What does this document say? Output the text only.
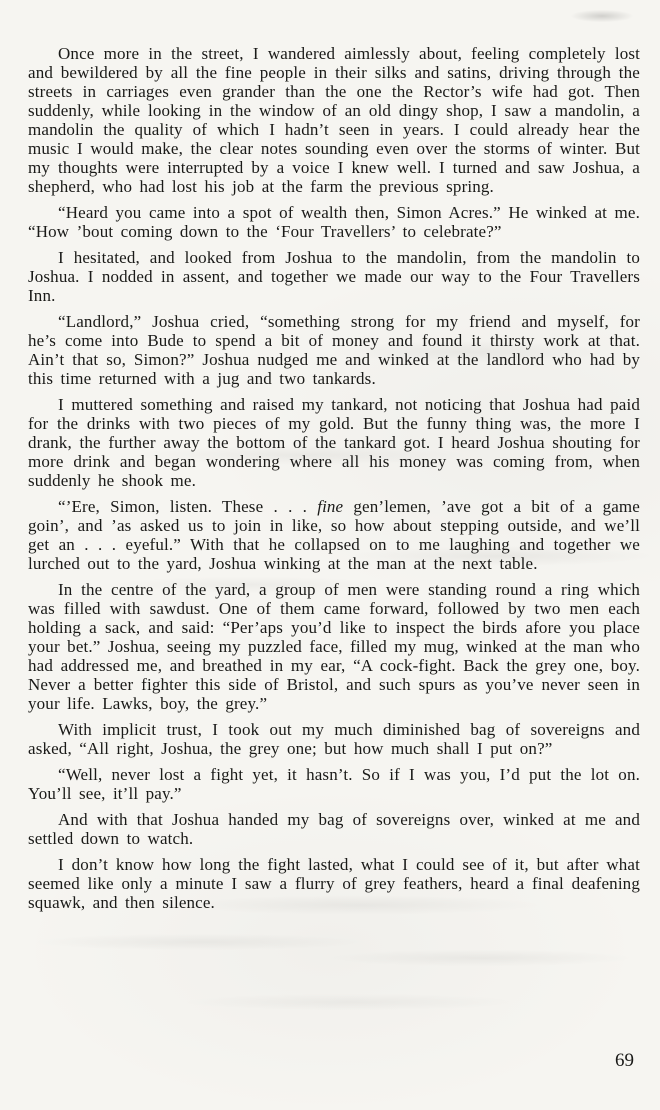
Once more in the street, I wandered aimlessly about, feeling completely lost and bewildered by all the fine people in their silks and satins, driving through the streets in carriages even grander than the one the Rector’s wife had got. Then suddenly, while looking in the window of an old dingy shop, I saw a mandolin, a mandolin the quality of which I hadn’t seen in years. I could already hear the music I would make, the clear notes sounding even over the storms of winter. But my thoughts were interrupted by a voice I knew well. I turned and saw Joshua, a shepherd, who had lost his job at the farm the previous spring.

“Heard you came into a spot of wealth then, Simon Acres.” He winked at me. “How ’bout coming down to the ‘Four Travellers’ to celebrate?”

I hesitated, and looked from Joshua to the mandolin, from the mandolin to Joshua. I nodded in assent, and together we made our way to the Four Travellers Inn.

“Landlord,” Joshua cried, “something strong for my friend and myself, for he’s come into Bude to spend a bit of money and found it thirsty work at that. Ain’t that so, Simon?” Joshua nudged me and winked at the landlord who had by this time returned with a jug and two tankards.

I muttered something and raised my tankard, not noticing that Joshua had paid for the drinks with two pieces of my gold. But the funny thing was, the more I drank, the further away the bottom of the tankard got. I heard Joshua shouting for more drink and began wondering where all his money was coming from, when suddenly he shook me.

“’Ere, Simon, listen. These . . . fine gen’lemen, ’ave got a bit of a game goin’, and ’as asked us to join in like, so how about stepping outside, and we’ll get an . . . eyeful.” With that he collapsed on to me laughing and together we lurched out to the yard, Joshua winking at the man at the next table.

In the centre of the yard, a group of men were standing round a ring which was filled with sawdust. One of them came forward, followed by two men each holding a sack, and said: “Per’aps you’d like to inspect the birds afore you place your bet.” Joshua, seeing my puzzled face, filled my mug, winked at the man who had addressed me, and breathed in my ear, “A cock-fight. Back the grey one, boy. Never a better fighter this side of Bristol, and such spurs as you’ve never seen in your life. Lawks, boy, the grey.”

With implicit trust, I took out my much diminished bag of sovereigns and asked, “All right, Joshua, the grey one; but how much shall I put on?”

“Well, never lost a fight yet, it hasn’t. So if I was you, I’d put the lot on. You’ll see, it’ll pay.”

And with that Joshua handed my bag of sovereigns over, winked at me and settled down to watch.

I don’t know how long the fight lasted, what I could see of it, but after what seemed like only a minute I saw a flurry of grey feathers, heard a final deafening squawk, and then silence.

69
